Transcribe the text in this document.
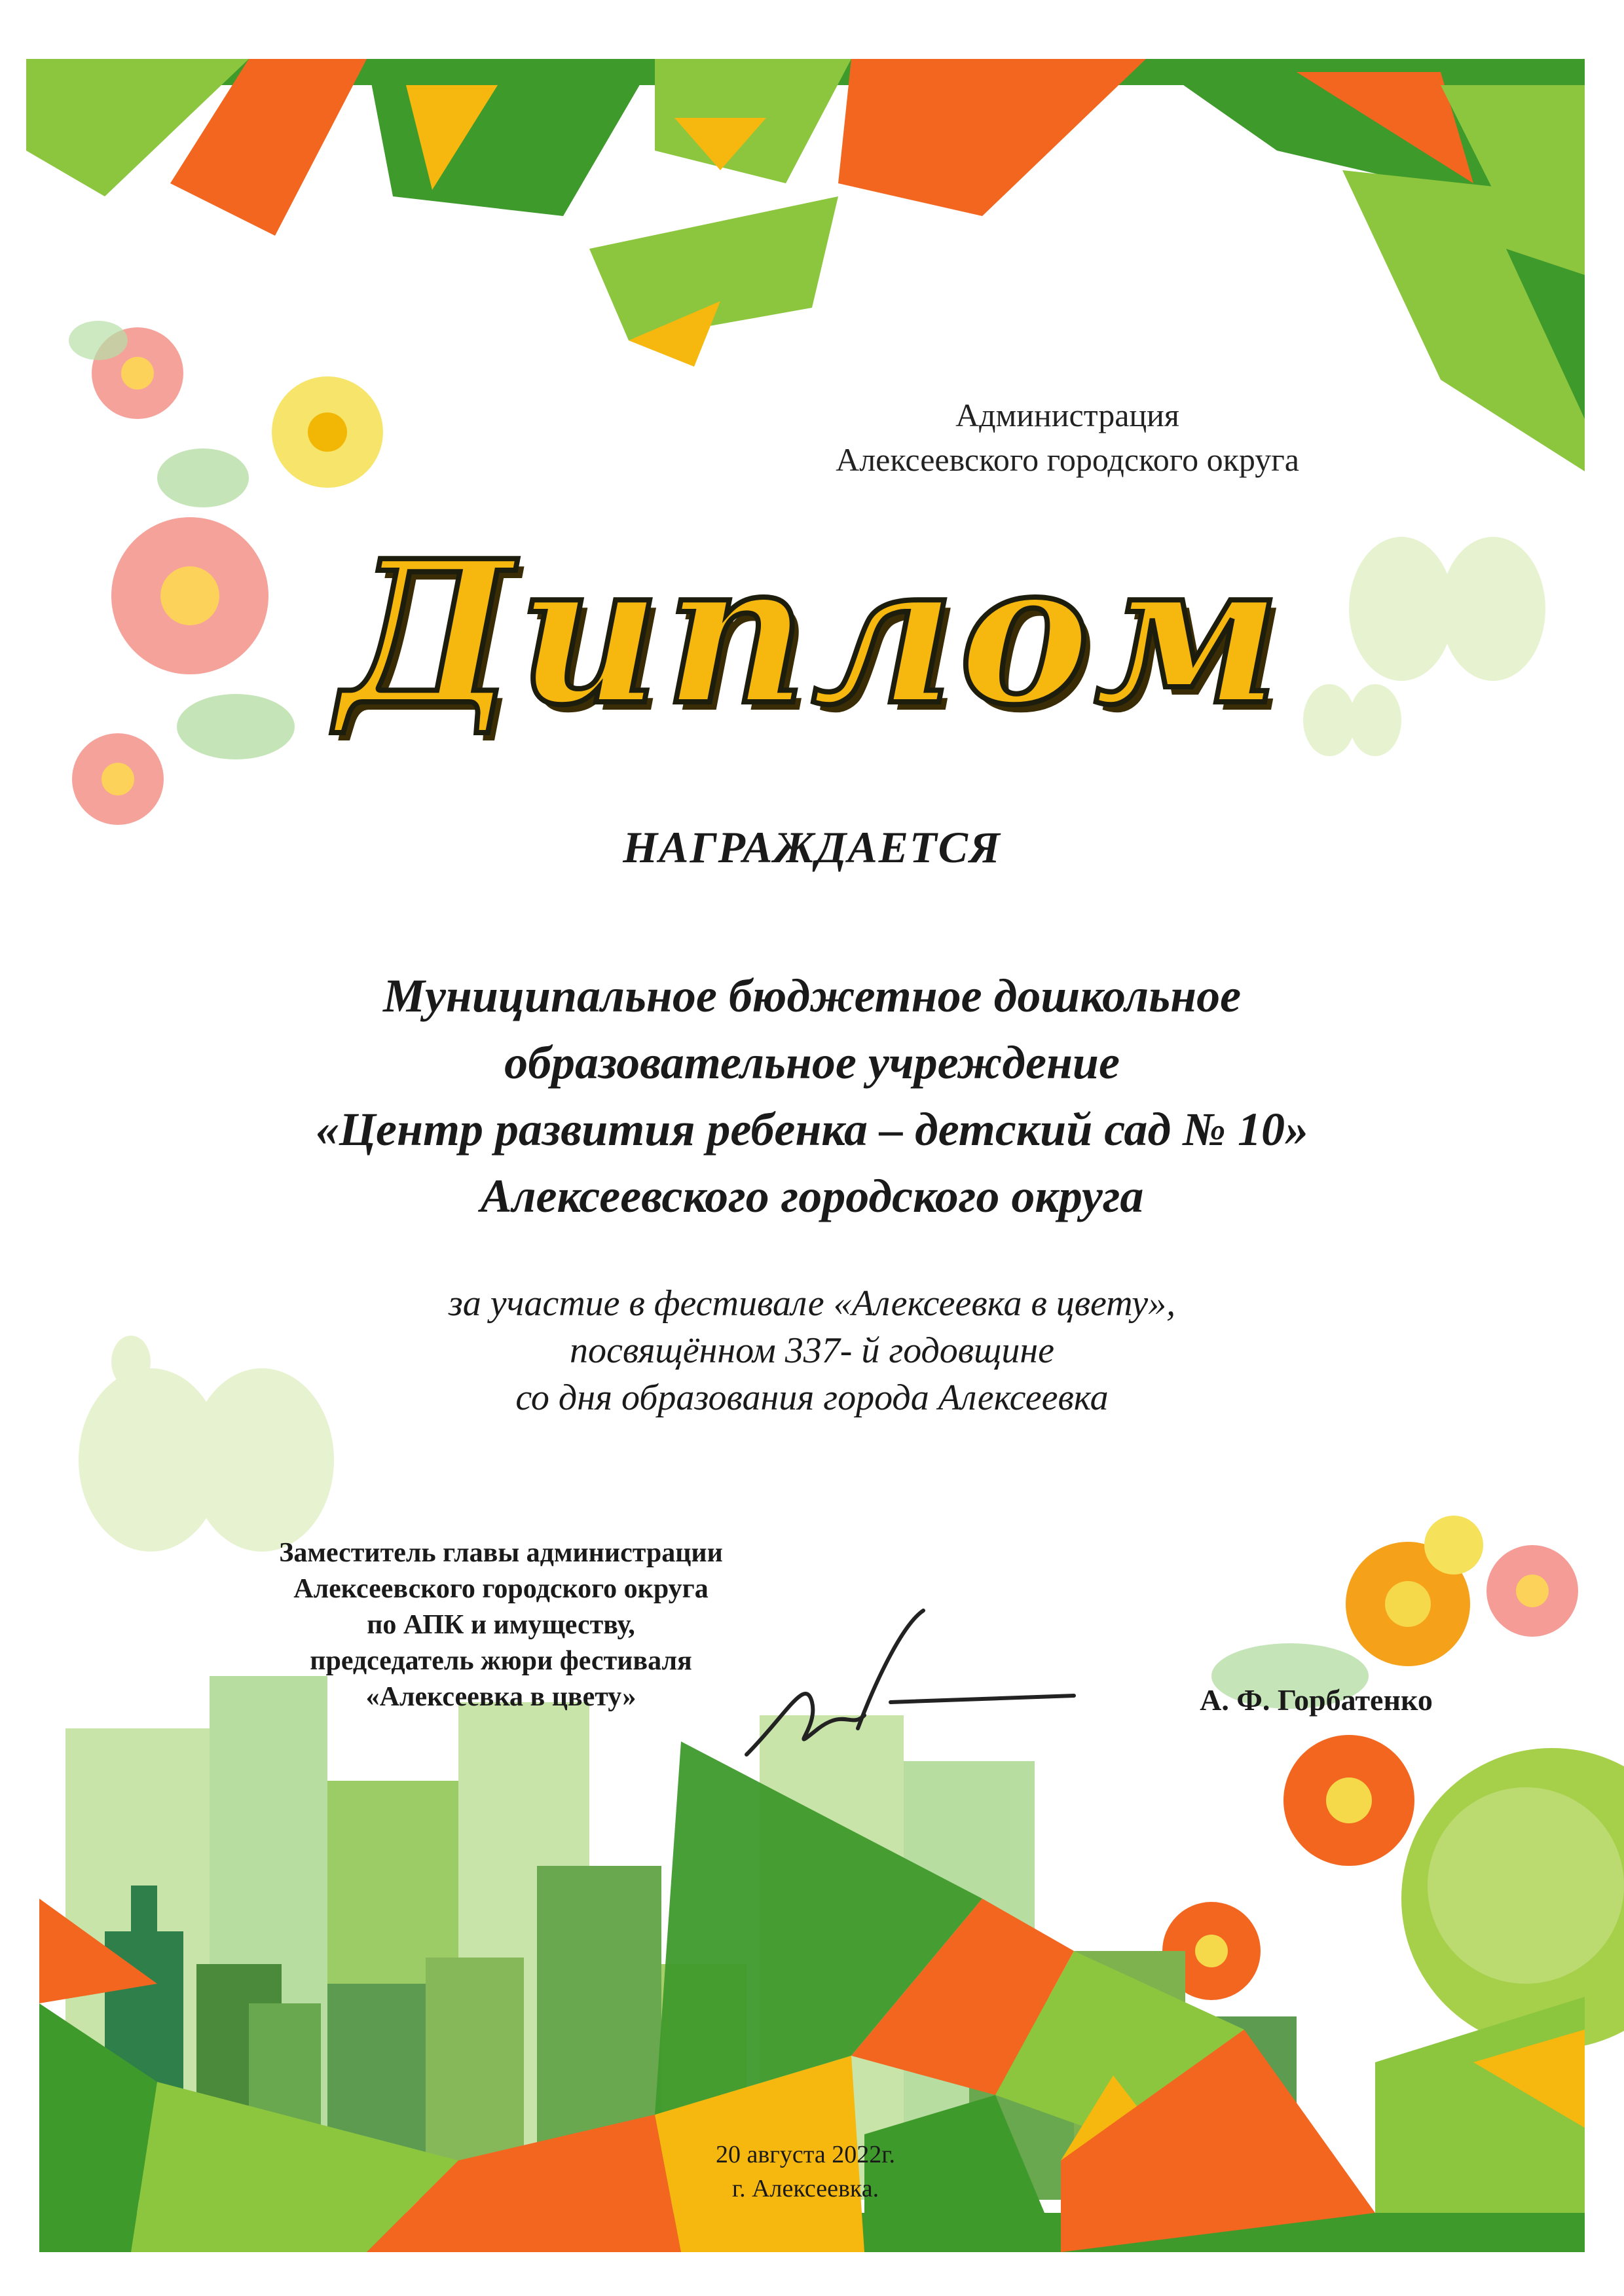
Администрация
Алексеевского городского округа
Диплом
НАГРАЖДАЕТСЯ
Муниципальное бюджетное дошкольное
образовательное учреждение
«Центр развития ребенка – детский сад № 10»
Алексеевского городского округа
за участие в фестивале «Алексеевка в цвету»,
посвящённом 337- й годовщине
со дня образования города Алексеевка
Заместитель главы администрации
Алексеевского городского округа
по АПК и имуществу,
председатель жюри фестиваля
«Алексеевка в цвету»	А. Ф. Горбатенко
20 августа 2022г.
г. Алексеевка.
